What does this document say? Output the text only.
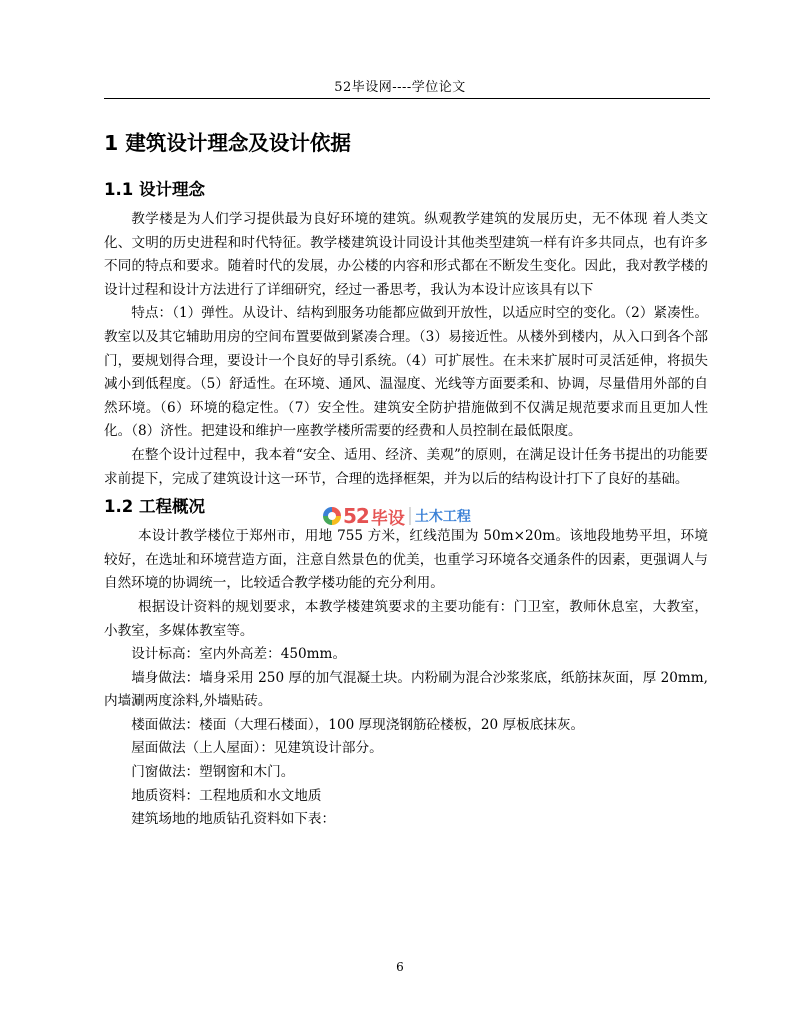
52毕设网----学位论文
1 建筑设计理念及设计依据
1.1 设计理念

教学楼是为人们学习提供最为良好环境的建筑。纵观教学建筑的发展历史，无不体现 着人类文化、文明的历史进程和时代特征。教学楼建筑设计同设计其他类型建筑一样有许多共同点，也有许多不同的特点和要求。随着时代的发展，办公楼的内容和形式都在不断发生变化。因此，我对教学楼的设计过程和设计方法进行了详细研究，经过一番思考，我认为本设计应该具有以下

特点：（1）弹性。从设计、结构到服务功能都应做到开放性，以适应时空的变化。（2）紧凑性。教室以及其它辅助用房的空间布置要做到紧凑合理。（3）易接近性。从楼外到楼内，从入口到各个部门，要规划得合理，要设计一个良好的导引系统。（4）可扩展性。在未来扩展时可灵活延伸，将损失减小到低程度。（5）舒适性。在环境、通风、温湿度、光线等方面要柔和、协调，尽量借用外部的自然环境。（6）环境的稳定性。（7）安全性。建筑安全防护措施做到不仅满足规范要求而且更加人性化。（8）济性。把建设和维护一座教学楼所需要的经费和人员控制在最低限度。

在整个设计过程中，我本着“安全、适用、经济、美观”的原则，在满足设计任务书提出的功能要求前提下，完成了建筑设计这一环节，合理的选择框架，并为以后的结构设计打下了良好的基础。

1.2 工程概况

本设计教学楼位于郑州市，用地 755 方米，红线范围为 50m×20m。该地段地势平坦，环境较好，在选址和环境营造方面，注意自然景色的优美，也重学习环境各交通条件的因素，更强调人与自然环境的协调统一，比较适合教学楼功能的充分利用。

根据设计资料的规划要求，本教学楼建筑要求的主要功能有：门卫室，教师休息室，大教室，小教室，多媒体教室等。

设计标高：室内外高差：450mm。

墙身做法：墙身采用 250 厚的加气混凝土块。内粉刷为混合沙浆浆底，纸筋抹灰面，厚 20mm,内墙涮两度涂料,外墙贴砖。

楼面做法：楼面（大理石楼面），100 厚现浇钢筋砼楼板，20 厚板底抹灰。

屋面做法（上人屋面）：见建筑设计部分。

门窗做法：塑钢窗和木门。

地质资料：工程地质和水文地质

建筑场地的地质钻孔资料如下表：

52 毕设 土木工程
6
